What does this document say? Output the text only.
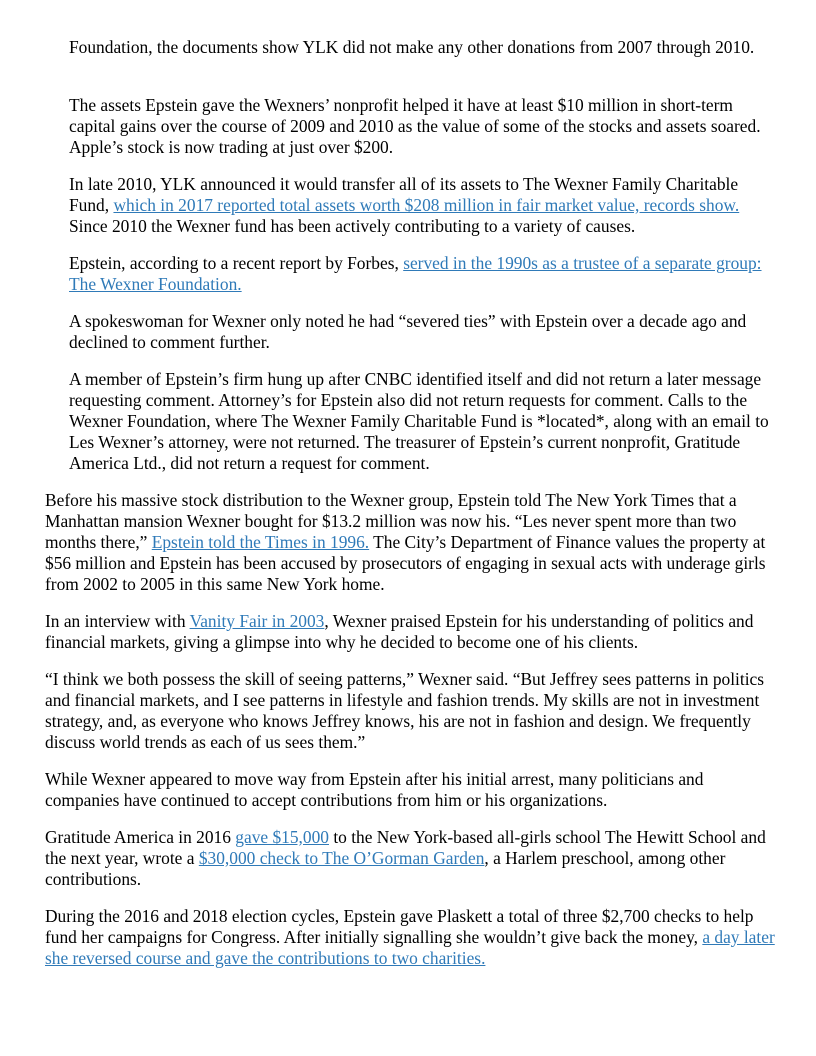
Foundation, the documents show YLK did not make any other donations from 2007 through 2010.

The assets Epstein gave the Wexners’ nonprofit helped it have at least $10 million in short-term capital gains over the course of 2009 and 2010 as the value of some of the stocks and assets soared. Apple’s stock is now trading at just over $200.

In late 2010, YLK announced it would transfer all of its assets to The Wexner Family Charitable Fund, which in 2017 reported total assets worth $208 million in fair market value, records show. Since 2010 the Wexner fund has been actively contributing to a variety of causes.

Epstein, according to a recent report by Forbes, served in the 1990s as a trustee of a separate group: The Wexner Foundation.

A spokeswoman for Wexner only noted he had “severed ties” with Epstein over a decade ago and declined to comment further.

A member of Epstein’s firm hung up after CNBC identified itself and did not return a later message requesting comment. Attorney’s for Epstein also did not return requests for comment. Calls to the Wexner Foundation, where The Wexner Family Charitable Fund is *located*, along with an email to Les Wexner’s attorney, were not returned. The treasurer of Epstein’s current nonprofit, Gratitude America Ltd., did not return a request for comment.

Before his massive stock distribution to the Wexner group, Epstein told The New York Times that a Manhattan mansion Wexner bought for $13.2 million was now his. “Les never spent more than two months there,” Epstein told the Times in 1996. The City’s Department of Finance values the property at $56 million and Epstein has been accused by prosecutors of engaging in sexual acts with underage girls from 2002 to 2005 in this same New York home.

In an interview with Vanity Fair in 2003, Wexner praised Epstein for his understanding of politics and financial markets, giving a glimpse into why he decided to become one of his clients.

“I think we both possess the skill of seeing patterns,” Wexner said. “But Jeffrey sees patterns in politics and financial markets, and I see patterns in lifestyle and fashion trends. My skills are not in investment strategy, and, as everyone who knows Jeffrey knows, his are not in fashion and design. We frequently discuss world trends as each of us sees them.”

While Wexner appeared to move way from Epstein after his initial arrest, many politicians and companies have continued to accept contributions from him or his organizations.

Gratitude America in 2016 gave $15,000 to the New York-based all-girls school The Hewitt School and the next year, wrote a $30,000 check to The O’Gorman Garden, a Harlem preschool, among other contributions.

During the 2016 and 2018 election cycles, Epstein gave Plaskett a total of three $2,700 checks to help fund her campaigns for Congress. After initially signalling she wouldn’t give back the money, a day later she reversed course and gave the contributions to two charities.
